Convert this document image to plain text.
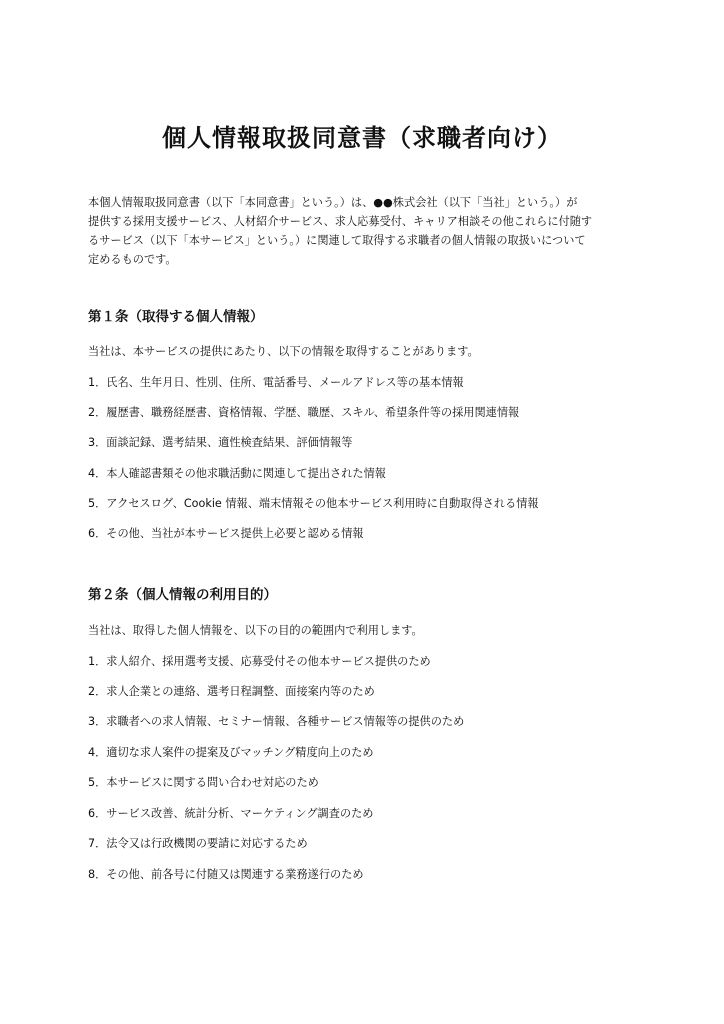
個人情報取扱同意書（求職者向け）
本個人情報取扱同意書（以下「本同意書」という。）は、●●株式会社（以下「当社」という。）が
提供する採用支援サービス、人材紹介サービス、求人応募受付、キャリア相談その他これらに付随す
るサービス（以下「本サービス」という。）に関連して取得する求職者の個人情報の取扱いについて
定めるものです。
第１条（取得する個人情報）
当社は、本サービスの提供にあたり、以下の情報を取得することがあります。
1．氏名、生年月日、性別、住所、電話番号、メールアドレス等の基本情報
2．履歴書、職務経歴書、資格情報、学歴、職歴、スキル、希望条件等の採用関連情報
3．面談記録、選考結果、適性検査結果、評価情報等
4．本人確認書類その他求職活動に関連して提出された情報
5．アクセスログ、Cookie 情報、端末情報その他本サービス利用時に自動取得される情報
6．その他、当社が本サービス提供上必要と認める情報
第２条（個人情報の利用目的）
当社は、取得した個人情報を、以下の目的の範囲内で利用します。
1．求人紹介、採用選考支援、応募受付その他本サービス提供のため
2．求人企業との連絡、選考日程調整、面接案内等のため
3．求職者への求人情報、セミナー情報、各種サービス情報等の提供のため
4．適切な求人案件の提案及びマッチング精度向上のため
5．本サービスに関する問い合わせ対応のため
6．サービス改善、統計分析、マーケティング調査のため
7．法令又は行政機関の要請に対応するため
8．その他、前各号に付随又は関連する業務遂行のため
